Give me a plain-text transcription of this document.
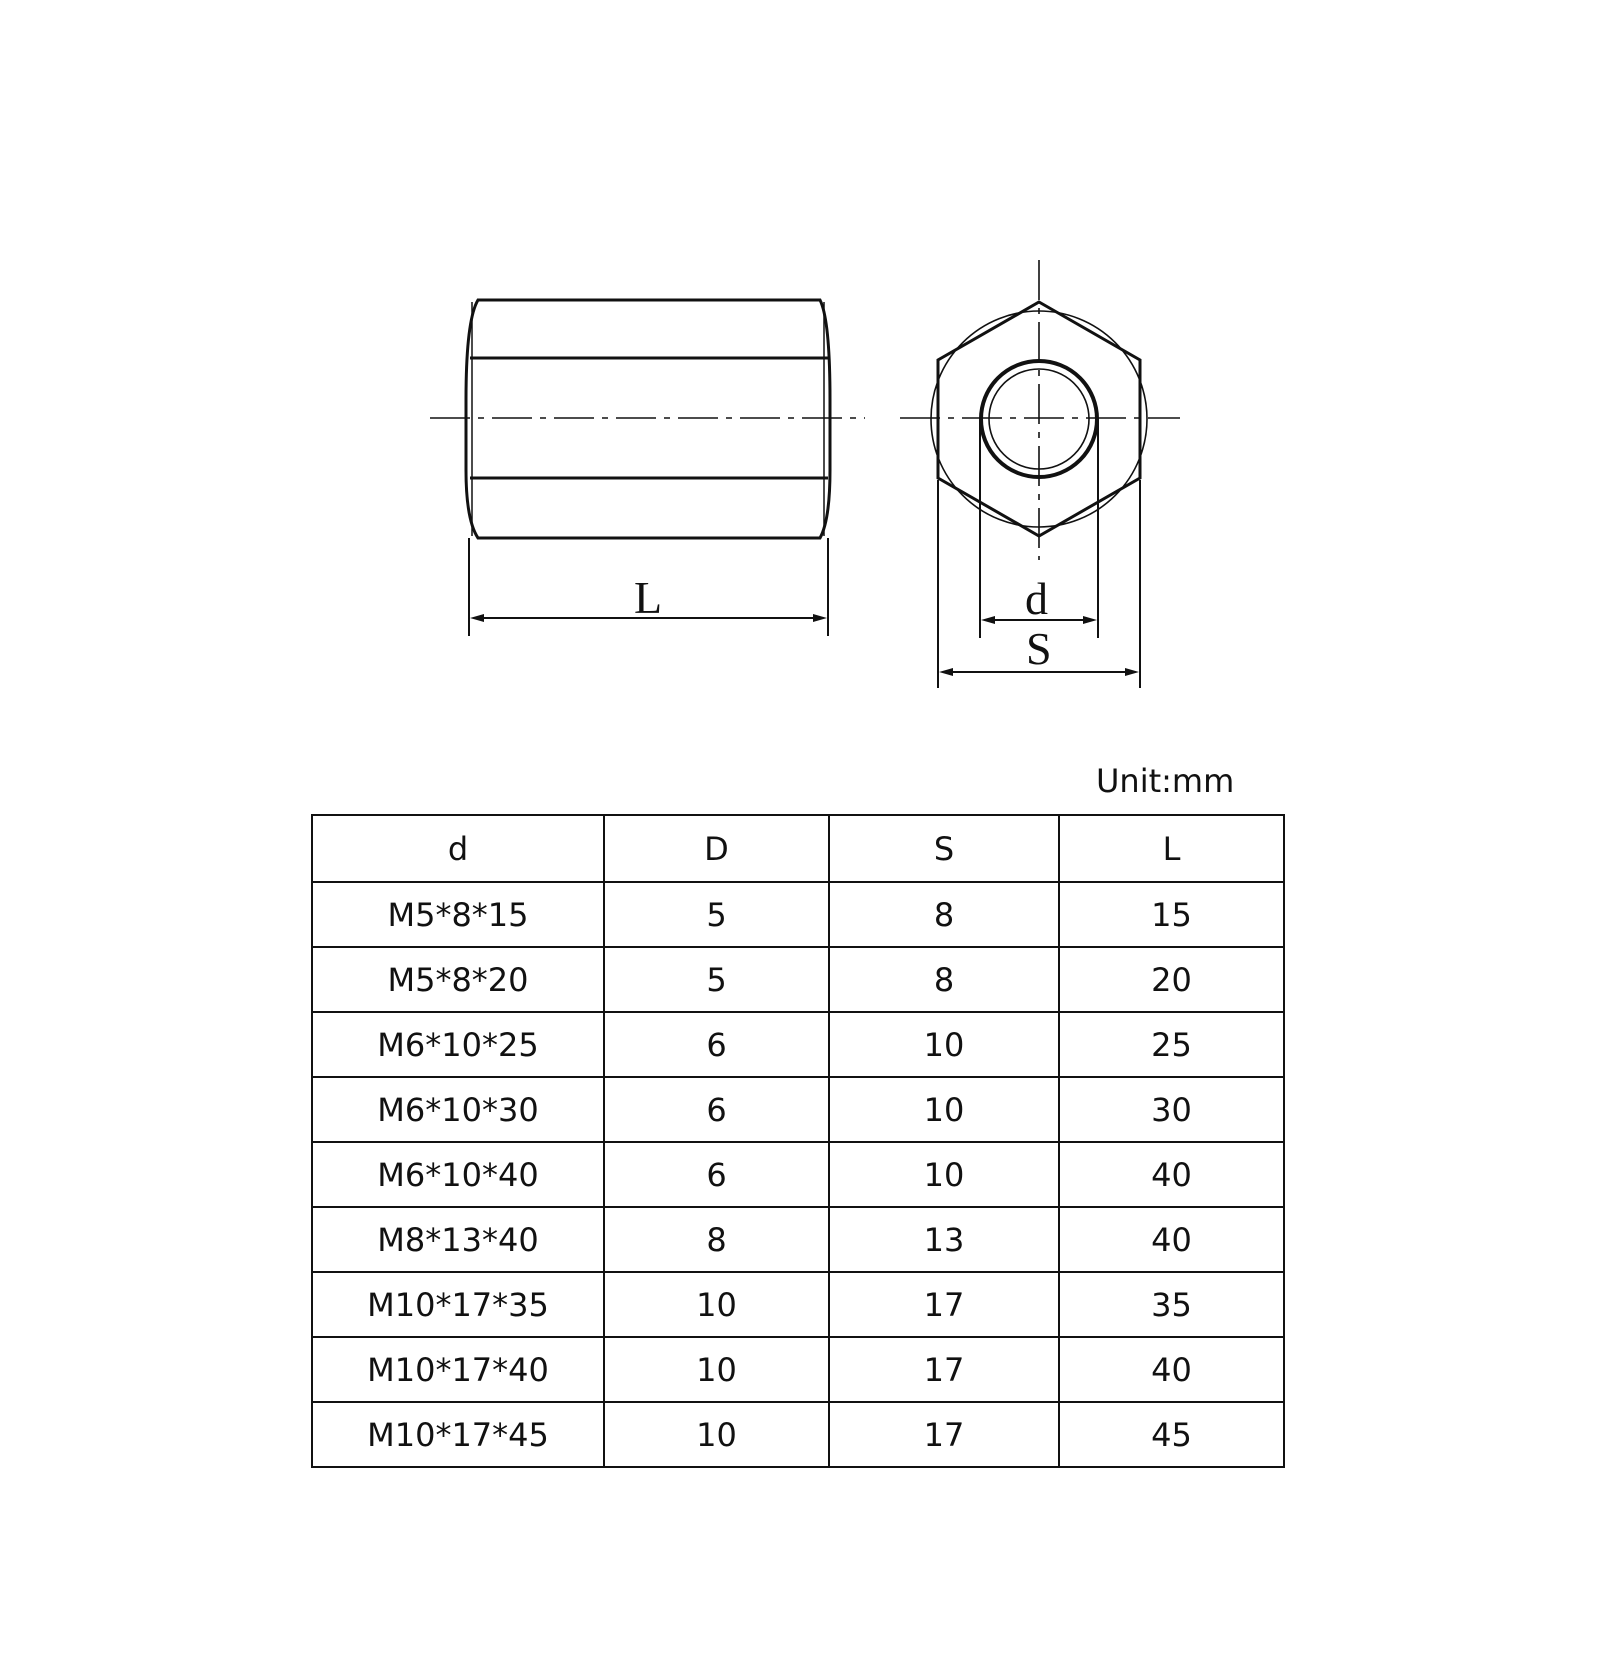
L	d
S
Unit:mm
d	D	S	L
M5*8*15	5	8	15
M5*8*20	5	8	20
M6*10*25	6	10	25
M6*10*30	6	10	30
M6*10*40	6	10	40
M8*13*40	8	13	40
M10*17*35	10	17	35
M10*17*40	10	17	40
M10*17*45	10	17	45
